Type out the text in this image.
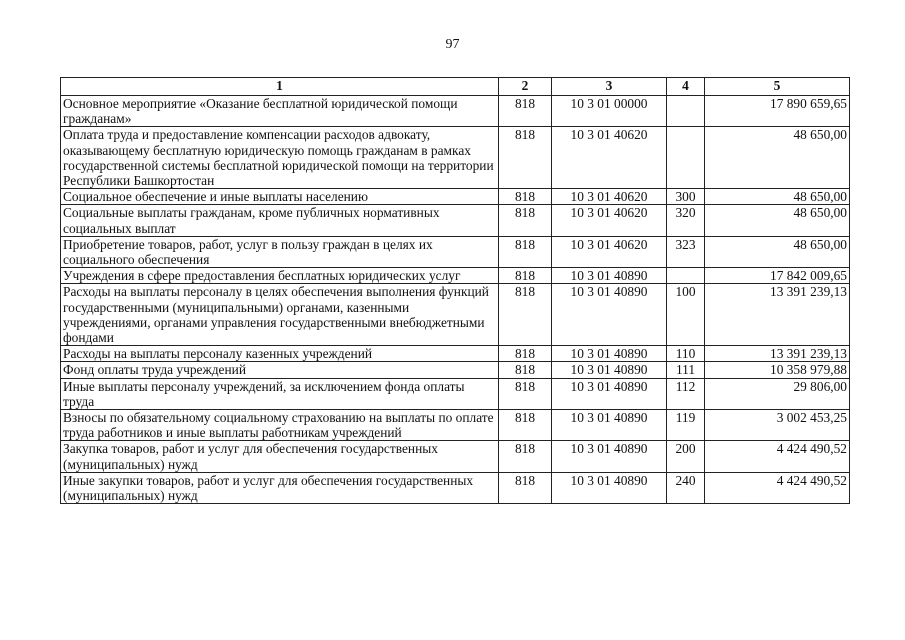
97
1	2	3	4	5
Основное мероприятие «Оказание бесплатной юридической помощи гражданам»	818	10 3 01 00000		17 890 659,65
Оплата труда и предоставление компенсации расходов адвокату, оказывающему бесплатную юридическую помощь гражданам в рамках государственной системы бесплатной юридической помощи на территории Республики Башкортостан	818	10 3 01 40620		48 650,00
Социальное обеспечение и иные выплаты населению	818	10 3 01 40620	300	48 650,00
Социальные выплаты гражданам, кроме публичных нормативных социальных выплат	818	10 3 01 40620	320	48 650,00
Приобретение товаров, работ, услуг в пользу граждан в целях их социального обеспечения	818	10 3 01 40620	323	48 650,00
Учреждения в сфере предоставления бесплатных юридических услуг	818	10 3 01 40890		17 842 009,65
Расходы на выплаты персоналу в целях обеспечения выполнения функций государственными (муниципальными) органами, казенными учреждениями, органами управления государственными внебюджетными фондами	818	10 3 01 40890	100	13 391 239,13
Расходы на выплаты персоналу казенных учреждений	818	10 3 01 40890	110	13 391 239,13
Фонд оплаты труда учреждений	818	10 3 01 40890	111	10 358 979,88
Иные выплаты персоналу учреждений, за исключением фонда оплаты труда	818	10 3 01 40890	112	29 806,00
Взносы по обязательному социальному страхованию на выплаты по оплате труда работников и иные выплаты работникам учреждений	818	10 3 01 40890	119	3 002 453,25
Закупка товаров, работ и услуг для обеспечения государственных (муниципальных) нужд	818	10 3 01 40890	200	4 424 490,52
Иные закупки товаров, работ и услуг для обеспечения государственных (муниципальных) нужд	818	10 3 01 40890	240	4 424 490,52
